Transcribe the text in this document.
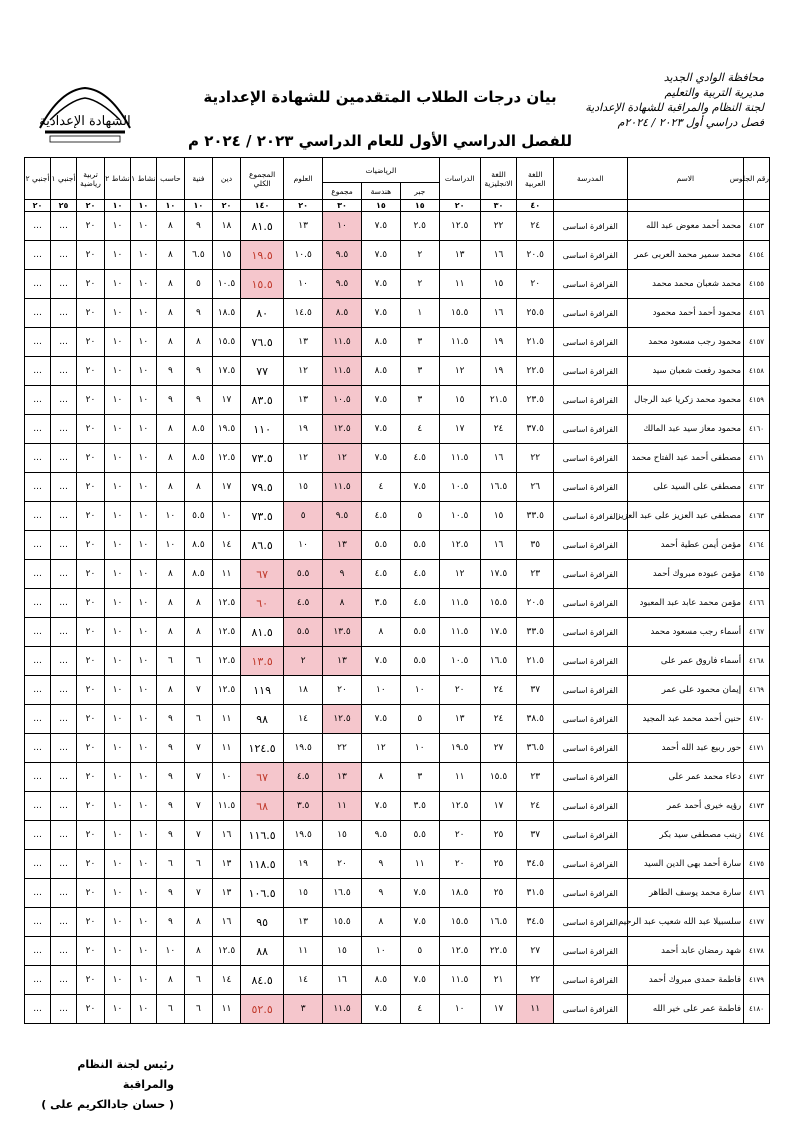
محافظة الوادي الجديد
مديرية التربية والتعليم
لجنة النظام والمراقبة للشهادة الإعدادية
فصل دراسي أول ٢٠٢٣ / ٢٠٢٤م
بيان درجات الطلاب المتقدمين للشهادة الإعدادية
للفصل الدراسي الأول للعام الدراسي ٢٠٢٣ / ٢٠٢٤ م
الشهادة الإعدادية
رقم الجلوس	الاسم	المدرسة	اللغة العربية	اللغة الانجليزية	الدراسات	الرياضيات			العلوم	المجموع الكلي	دين	فنية	حاسب	نشاط ١	نشاط ٢	تربية رياضية	أجنبي ١	أجنبي ٢
						جبر	هندسة	مجموع										
			٤٠	٣٠	٢٠	١٥	١٥	٣٠	٢٠	١٤٠	٢٠	١٠	١٠	١٠	١٠	٢٠	٢٥	٢٠
٤١٥٣	محمد أحمد معوض عبد الله	الفرافرة اساسى	٢٤	٢٢	١٢.٥	٢.٥	٧.٥	١٠	١٣	٨١.٥	١٨	٩	٨	١٠	١٠	٢٠	...	...
٤١٥٤	محمد سمير محمد العربى عمر	الفرافرة اساسى	٢٠.٥	١٦	١٣	٢	٧.٥	٩.٥	١٠.٥	١٩.٥	١٥	٦.٥	٨	١٠	١٠	٢٠	...	...
٤١٥٥	محمد شعبان محمد محمد	الفرافرة اساسى	٢٠	١٥	١١	٢	٧.٥	٩.٥	١٠	١٥.٥	١٠.٥	٥	٨	١٠	١٠	٢٠	...	...
٤١٥٦	محمود أحمد أحمد محمود	الفرافرة اساسى	٢٥.٥	١٦	١٥.٥	١	٧.٥	٨.٥	١٤.٥	٨٠	١٨.٥	٩	٨	١٠	١٠	٢٠	...	...
٤١٥٧	محمود رجب مسعود محمد	الفرافرة اساسى	٢١.٥	١٩	١١.٥	٣	٨.٥	١١.٥	١٣	٧٦.٥	١٥.٥	٨	٨	١٠	١٠	٢٠	...	...
٤١٥٨	محمود رفعت شعبان سيد	الفرافرة اساسى	٢٢.٥	١٩	١٢	٣	٨.٥	١١.٥	١٢	٧٧	١٧.٥	٩	٩	١٠	١٠	٢٠	...	...
٤١٥٩	محمود محمد زكريا عبد الرجال	الفرافرة اساسى	٢٣.٥	٢١.٥	١٥	٣	٧.٥	١٠.٥	١٣	٨٣.٥	١٧	٩	٩	١٠	١٠	٢٠	...	...
٤١٦٠	محمود معاز سيد عبد المالك	الفرافرة اساسى	٣٧.٥	٢٤	١٧	٤	٧.٥	١٢.٥	١٩	١١٠	١٩.٥	٨.٥	٨	١٠	١٠	٢٠	...	...
٤١٦١	مصطفى أحمد عبد الفتاح محمد	الفرافرة اساسى	٢٢	١٦	١١.٥	٤.٥	٧.٥	١٢	١٢	٧٣.٥	١٢.٥	٨.٥	٨	١٠	١٠	٢٠	...	...
٤١٦٢	مصطفى على السيد على	الفرافرة اساسى	٢٦	١٦.٥	١٠.٥	٧.٥	٤	١١.٥	١٥	٧٩.٥	١٧	٨	٨	١٠	١٠	٢٠	...	...
٤١٦٣	مصطفى عبد العزيز على عبد العزيز	الفرافرة اساسى	٣٣.٥	١٥	١٠.٥	٥	٤.٥	٩.٥	٥	٧٣.٥	١٠	٥.٥	١٠	١٠	١٠	٢٠	...	...
٤١٦٤	مؤمن أيمن عطية أحمد	الفرافرة اساسى	٣٥	١٦	١٢.٥	٥.٥	٥.٥	١٣	١٠	٨٦.٥	١٤	٨.٥	١٠	١٠	١٠	٢٠	...	...
٤١٦٥	مؤمن عبوده مبروك أحمد	الفرافرة اساسى	٢٣	١٧.٥	١٢	٤.٥	٤.٥	٩	٥.٥	٦٧	١١	٨.٥	٨	١٠	١٠	٢٠	...	...
٤١٦٦	مؤمن محمد عابد عبد المعبود	الفرافرة اساسى	٢٠.٥	١٥.٥	١١.٥	٤.٥	٣.٥	٨	٤.٥	٦٠	١٢.٥	٨	٨	١٠	١٠	٢٠	...	...
٤١٦٧	أسماء رجب مسعود محمد	الفرافرة اساسى	٣٣.٥	١٧.٥	١١.٥	٥.٥	٨	١٣.٥	٥.٥	٨١.٥	١٢.٥	٨	٨	١٠	١٠	٢٠	...	...
٤١٦٨	أسماء فاروق عمر على	الفرافرة اساسى	٢١.٥	١٦.٥	١٠.٥	٥.٥	٧.٥	١٣	٢	١٣.٥	١٢.٥	٦	٦	١٠	١٠	٢٠	...	...
٤١٦٩	إيمان محمود على عمر	الفرافرة اساسى	٣٧	٢٤	٢٠	١٠	١٠	٢٠	١٨	١١٩	١٢.٥	٧	٨	١٠	١٠	٢٠	...	...
٤١٧٠	حنين أحمد محمد عبد المجيد	الفرافرة اساسى	٣٨.٥	٢٤	١٣	٥	٧.٥	١٢.٥	١٤	٩٨	١١	٦	٩	١٠	١٠	٢٠	...	...
٤١٧١	حور ربيع عبد الله أحمد	الفرافرة اساسى	٣٦.٥	٢٧	١٩.٥	١٠	١٢	٢٢	١٩.٥	١٢٤.٥	١١	٧	٩	١٠	١٠	٢٠	...	...
٤١٧٢	دعاء محمد عمر على	الفرافرة اساسى	٢٣	١٥.٥	١١	٣	٨	١٣	٤.٥	٦٧	١٠	٧	٩	١٠	١٠	٢٠	...	...
٤١٧٣	رؤيه خيرى أحمد عمر	الفرافرة اساسى	٢٤	١٧	١٢.٥	٣.٥	٧.٥	١١	٣.٥	٦٨	١١.٥	٧	٩	١٠	١٠	٢٠	...	...
٤١٧٤	زينب مصطفى سيد بكر	الفرافرة اساسى	٣٧	٢٥	٢٠	٥.٥	٩.٥	١٥	١٩.٥	١١٦.٥	١٦	٧	٩	١٠	١٠	٢٠	...	...
٤١٧٥	سارة أحمد بهى الدين السيد	الفرافرة اساسى	٣٤.٥	٢٥	٢٠	١١	٩	٢٠	١٩	١١٨.٥	١٣	٦	٦	١٠	١٠	٢٠	...	...
٤١٧٦	سارة محمد يوسف الطاهر	الفرافرة اساسى	٣١.٥	٢٥	١٨.٥	٧.٥	٩	١٦.٥	١٥	١٠٦.٥	١٣	٧	٩	١٠	١٠	٢٠	...	...
٤١٧٧	سلسبيلا عبد الله شعيب عبد الرحيم	الفرافرة اساسى	٣٤.٥	١٦.٥	١٥.٥	٧.٥	٨	١٥.٥	١٣	٩٥	١٦	٨	٩	١٠	١٠	٢٠	...	...
٤١٧٨	شهد رمضان عابد أحمد	الفرافرة اساسى	٢٧	٢٢.٥	١٢.٥	٥	١٠	١٥	١١	٨٨	١٢.٥	٨	١٠	١٠	١٠	٢٠	...	...
٤١٧٩	فاطمة حمدى مبروك أحمد	الفرافرة اساسى	٢٢	٢١	١١.٥	٧.٥	٨.٥	١٦	١٤	٨٤.٥	١٤	٦	٨	١٠	١٠	٢٠	...	...
٤١٨٠	فاطمة عمر على خير الله	الفرافرة اساسى	١١	١٧	١٠	٤	٧.٥	١١.٥	٣	٥٢.٥	١١	٦	٦	١٠	١٠	٢٠	...	...
رئيس لجنة النظام والمراقبة
( حسان جادالكريم على )
